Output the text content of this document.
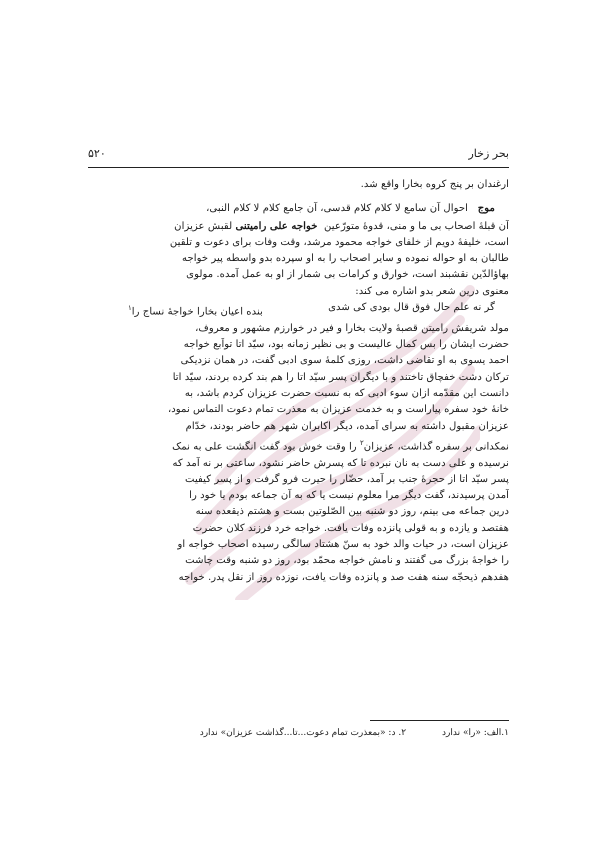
بحر زخار
۵۲۰
ارغندان بر پنج کروه بخارا واقع شد.
موج   احوال آن سامع لا کلام کلام قدسی، آن جامع کلام لا کلام النبی،
آن قبلهٔ اصحاب بی ما و منی، قدوهٔ متورّعین  خواجه علی رامیتنی لقبش عزیزان
است، خلیفهٔ دویم از خلفای خواجه محمود مرشد، وقت وفات برای دعوت و تلقین
طالبان به او حواله نموده و سایر اصحاب را به او سپرده بدو واسطه پیر خواجه
بهاؤالدّین نقشبند است، خوارق و کرامات بی شمار از او به عمل آمده. مولوی
معنوی درین شعر بدو اشاره می کند:
گر نه علم حال فوق قال بودی کی شدی
بنده اعیان بخارا خواجهٔ نساج را$^۱$
مولد شریفش رامیتن قصبهٔ ولایت بخارا و فیر در خوارزم مشهور و معروف،
حضرت ایشان را بس کمال عالیست و بی نظیر زمانه بود، سیّد اتا تواَبع خواجه
احمد یسوی به او تقاضی داشت، روزی کلمهٔ سوی ادبی گفت، در همان نزدیکی
ترکان دشت خفچاق تاختند و با دیگران پسر سیّد اتا را هم بند کرده بردند، سیّد اتا
دانست این مقدّمه ازان سوء ادبی که به نسبت حضرت عزیزان کردم باشد، به
خانهٔ خود سفره پیاراست و به خدمت عزیزان به معذرت تمام دعوت التماس نمود،
عزیزان مقبول داشته به سرای آمده، دیگر اکابران شهر هم حاضر بودند، خدّام
نمکدانی بر سفره گذاشت، عزیزان$^۲$ را وقت خوش بود گفت انگشت علی به نمک
نرسیده و علی دست به نان نبرده تا که پسرش حاضر نشود، ساعتی بر نه آمد که
پسر سیّد اتا از حجرهٔ جنب بر آمد، حضّار را حیرت فرو گرفت و از پسر کیفیت
آمدن پرسیدند، گفت دیگر مرا معلوم نیست یا که به آن جماعه بودم یا خود را
درین جماعه می بینم، روز دو شنبه بین الصّلوتین بست و هشتم ذیقعده سنه
هفتصد و یازده و به قولی پانزده وفات یافت. خواجه خرد فرزند کلان حضرت
عزیزان است، در حیات والد خود به سنّ هشتاد سالگی رسیده اصحاب خواجه او
را خواجهٔ بزرگ می گفتند و نامش خواجه محمّد بود، روز دو شنبه وقت چاشت
هفدهم ذیحجّه سنه هفت صد و پانزده وفات یافت، نوزده روز از نقل پدر. خواجه
۱.الف: «را» ندارد
۲. د: «بمعذرت تمام دعوت...تا...گذاشت عزیزان» ندارد
